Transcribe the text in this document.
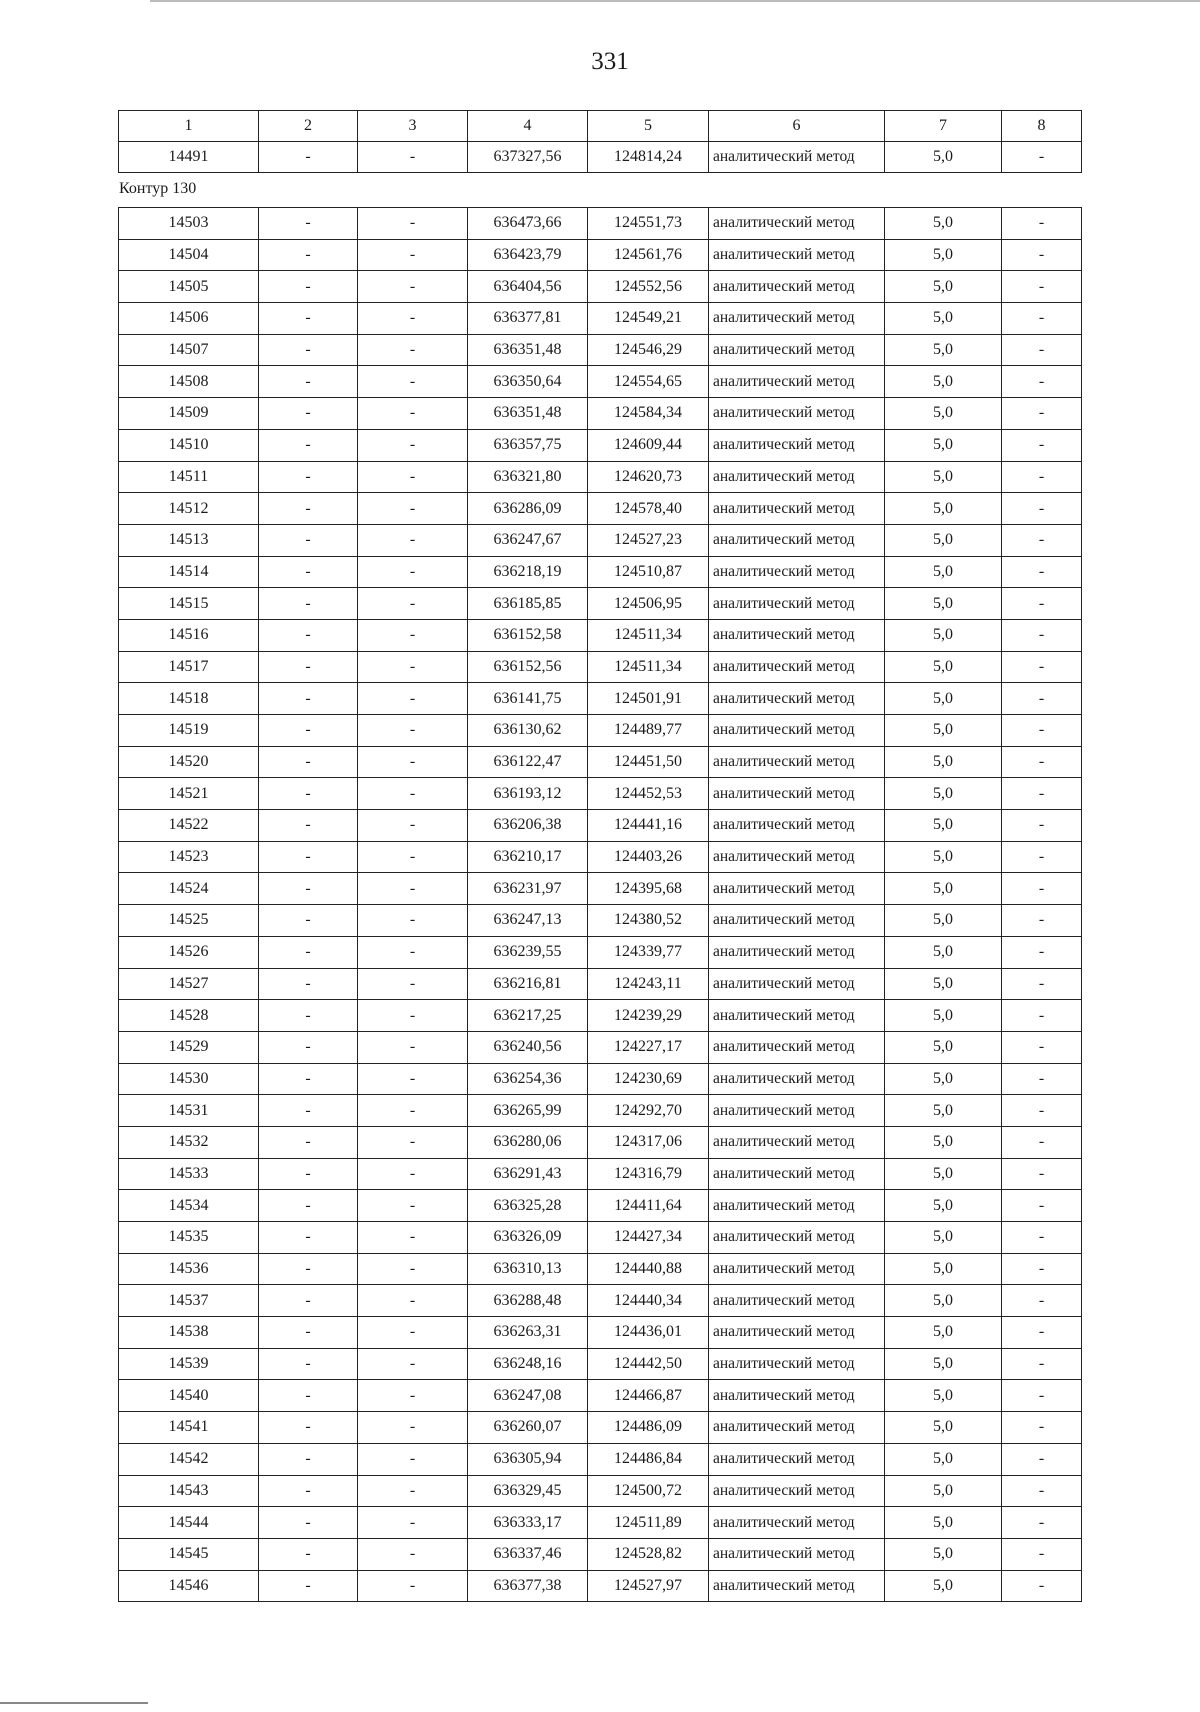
331
1	2	3	4	5	6	7	8
14491	-	-	637327,56	124814,24	аналитический метод	5,0	-
Контур 130
14503	-	-	636473,66	124551,73	аналитический метод	5,0	-
14504	-	-	636423,79	124561,76	аналитический метод	5,0	-
14505	-	-	636404,56	124552,56	аналитический метод	5,0	-
14506	-	-	636377,81	124549,21	аналитический метод	5,0	-
14507	-	-	636351,48	124546,29	аналитический метод	5,0	-
14508	-	-	636350,64	124554,65	аналитический метод	5,0	-
14509	-	-	636351,48	124584,34	аналитический метод	5,0	-
14510	-	-	636357,75	124609,44	аналитический метод	5,0	-
14511	-	-	636321,80	124620,73	аналитический метод	5,0	-
14512	-	-	636286,09	124578,40	аналитический метод	5,0	-
14513	-	-	636247,67	124527,23	аналитический метод	5,0	-
14514	-	-	636218,19	124510,87	аналитический метод	5,0	-
14515	-	-	636185,85	124506,95	аналитический метод	5,0	-
14516	-	-	636152,58	124511,34	аналитический метод	5,0	-
14517	-	-	636152,56	124511,34	аналитический метод	5,0	-
14518	-	-	636141,75	124501,91	аналитический метод	5,0	-
14519	-	-	636130,62	124489,77	аналитический метод	5,0	-
14520	-	-	636122,47	124451,50	аналитический метод	5,0	-
14521	-	-	636193,12	124452,53	аналитический метод	5,0	-
14522	-	-	636206,38	124441,16	аналитический метод	5,0	-
14523	-	-	636210,17	124403,26	аналитический метод	5,0	-
14524	-	-	636231,97	124395,68	аналитический метод	5,0	-
14525	-	-	636247,13	124380,52	аналитический метод	5,0	-
14526	-	-	636239,55	124339,77	аналитический метод	5,0	-
14527	-	-	636216,81	124243,11	аналитический метод	5,0	-
14528	-	-	636217,25	124239,29	аналитический метод	5,0	-
14529	-	-	636240,56	124227,17	аналитический метод	5,0	-
14530	-	-	636254,36	124230,69	аналитический метод	5,0	-
14531	-	-	636265,99	124292,70	аналитический метод	5,0	-
14532	-	-	636280,06	124317,06	аналитический метод	5,0	-
14533	-	-	636291,43	124316,79	аналитический метод	5,0	-
14534	-	-	636325,28	124411,64	аналитический метод	5,0	-
14535	-	-	636326,09	124427,34	аналитический метод	5,0	-
14536	-	-	636310,13	124440,88	аналитический метод	5,0	-
14537	-	-	636288,48	124440,34	аналитический метод	5,0	-
14538	-	-	636263,31	124436,01	аналитический метод	5,0	-
14539	-	-	636248,16	124442,50	аналитический метод	5,0	-
14540	-	-	636247,08	124466,87	аналитический метод	5,0	-
14541	-	-	636260,07	124486,09	аналитический метод	5,0	-
14542	-	-	636305,94	124486,84	аналитический метод	5,0	-
14543	-	-	636329,45	124500,72	аналитический метод	5,0	-
14544	-	-	636333,17	124511,89	аналитический метод	5,0	-
14545	-	-	636337,46	124528,82	аналитический метод	5,0	-
14546	-	-	636377,38	124527,97	аналитический метод	5,0	-
